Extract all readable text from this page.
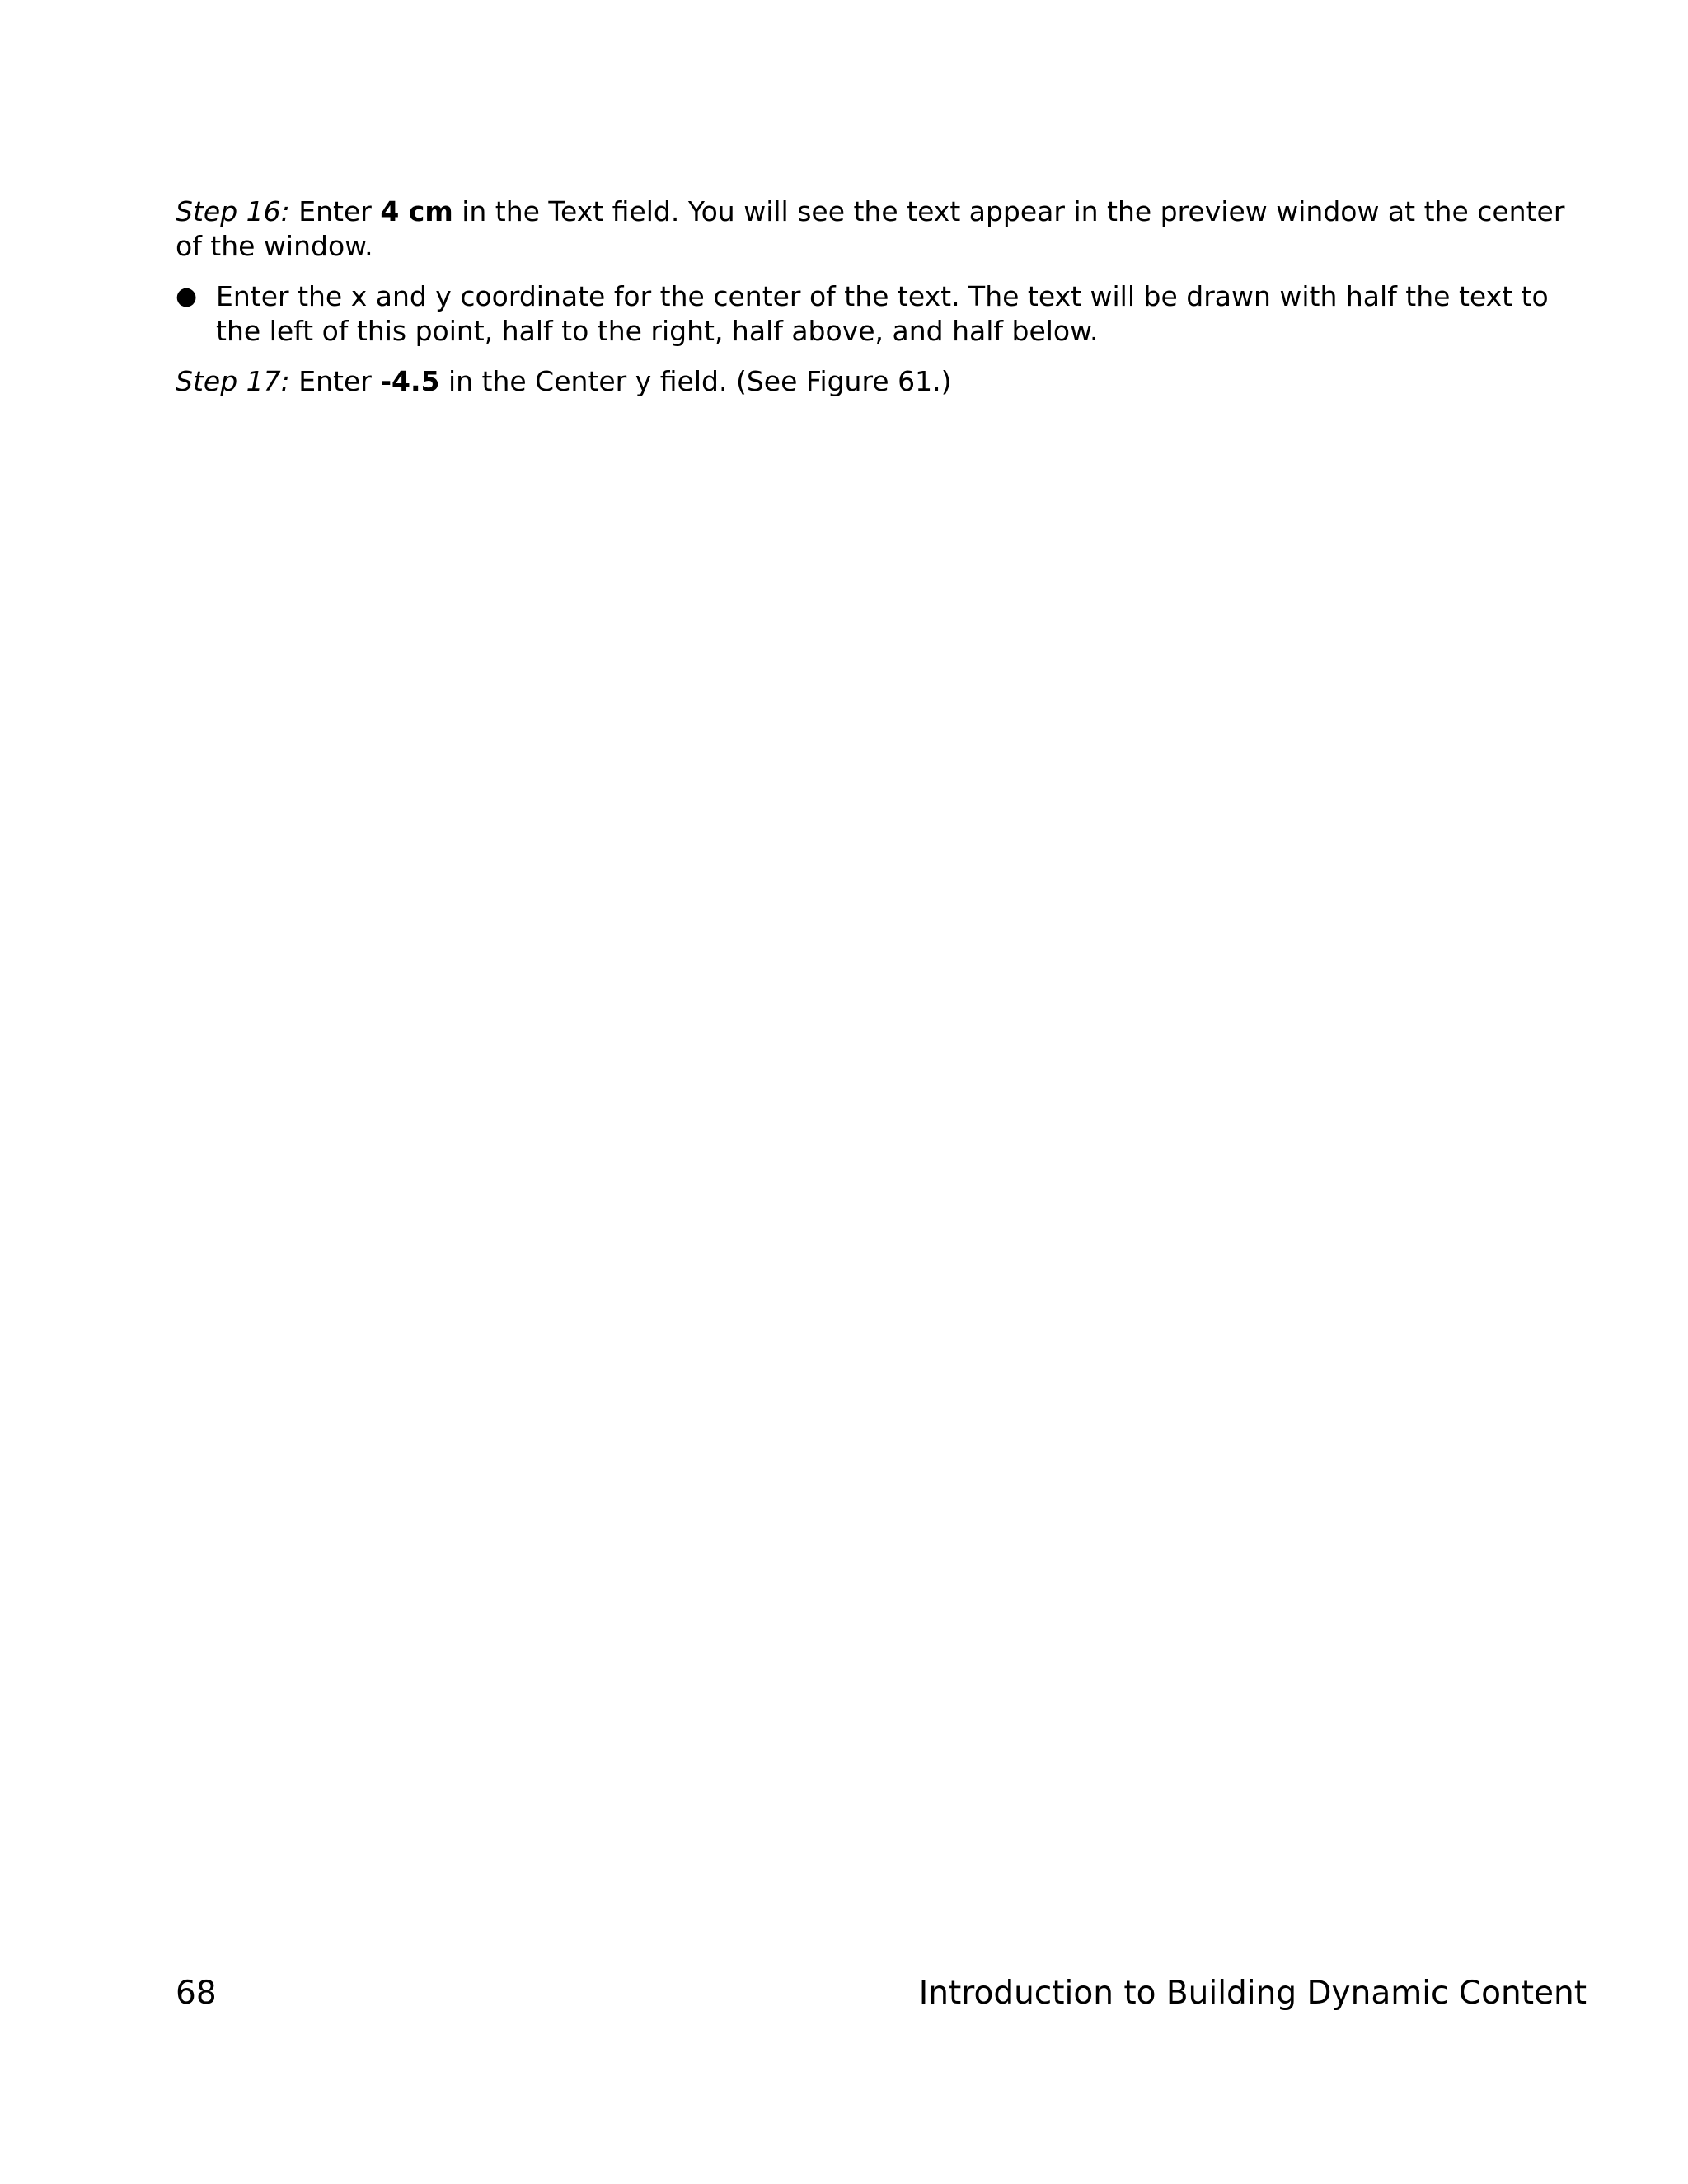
Step 16: Enter 4 cm in the Text field. You will see the text appear in the preview window at the center of the window.

● Enter the x and y coordinate for the center of the text. The text will be drawn with half the text to the left of this point, half to the right, half above, and half below.

Step 17: Enter -4.5 in the Center y field. (See Figure 61.)

68	Introduction to Building Dynamic Content
